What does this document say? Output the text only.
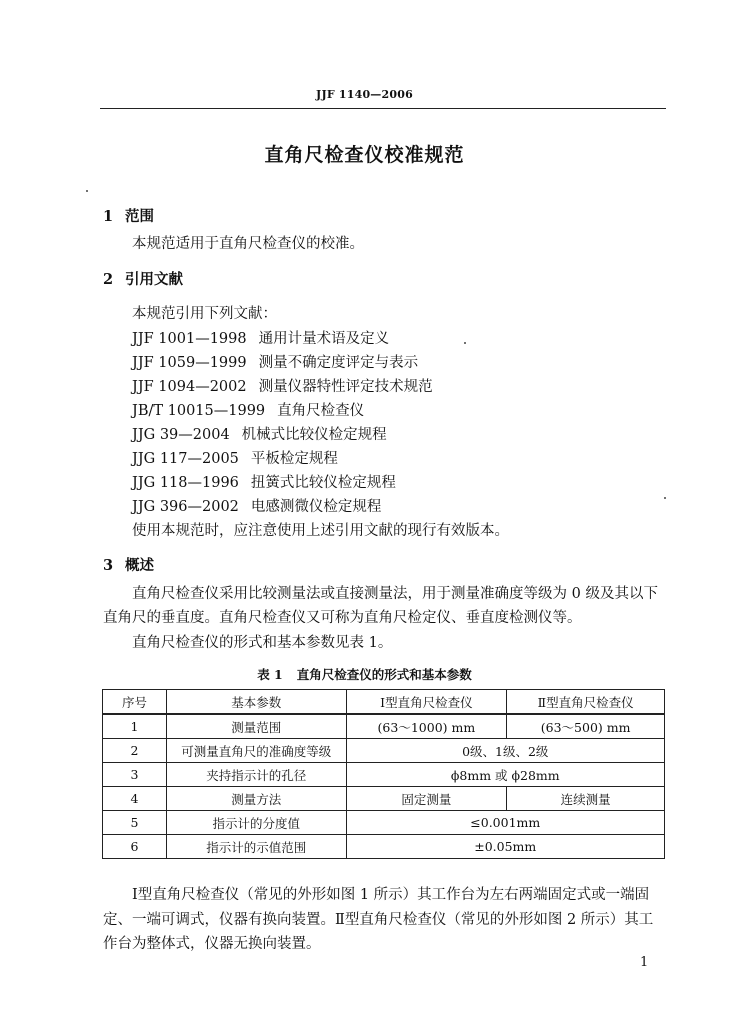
JJF 1140—2006
直角尺检查仪校准规范
1 范围
本规范适用于直角尺检查仪的校准。
2 引用文献
本规范引用下列文献：
JJF 1001—1998 通用计量术语及定义
JJF 1059—1999 测量不确定度评定与表示
JJF 1094—2002 测量仪器特性评定技术规范
JB/T 10015—1999 直角尺检查仪
JJG 39—2004 机械式比较仪检定规程
JJG 117—2005 平板检定规程
JJG 118—1996 扭簧式比较仪检定规程
JJG 396—2002 电感测微仪检定规程
使用本规范时，应注意使用上述引用文献的现行有效版本。
3 概述
直角尺检查仪采用比较测量法或直接测量法，用于测量准确度等级为 0 级及其以下
直角尺的垂直度。直角尺检查仪又可称为直角尺检定仪、垂直度检测仪等。
直角尺检查仪的形式和基本参数见表 1。
表 1 直角尺检查仪的形式和基本参数
序号	基本参数	Ⅰ型直角尺检查仪	Ⅱ型直角尺检查仪
1	测量范围	(63～1000) mm	(63～500) mm
2	可测量直角尺的准确度等级	0级、1级、2级	
3	夹持指示计的孔径	ϕ8mm 或 ϕ28mm	
4	测量方法	固定测量	连续测量
5	指示计的分度值	≤0.001mm	
6	指示计的示值范围	±0.05mm	
Ⅰ型直角尺检查仪（常见的外形如图 1 所示）其工作台为左右两端固定式或一端固
定、一端可调式，仪器有换向装置。Ⅱ型直角尺检查仪（常见的外形如图 2 所示）其工
作台为整体式，仪器无换向装置。
1
